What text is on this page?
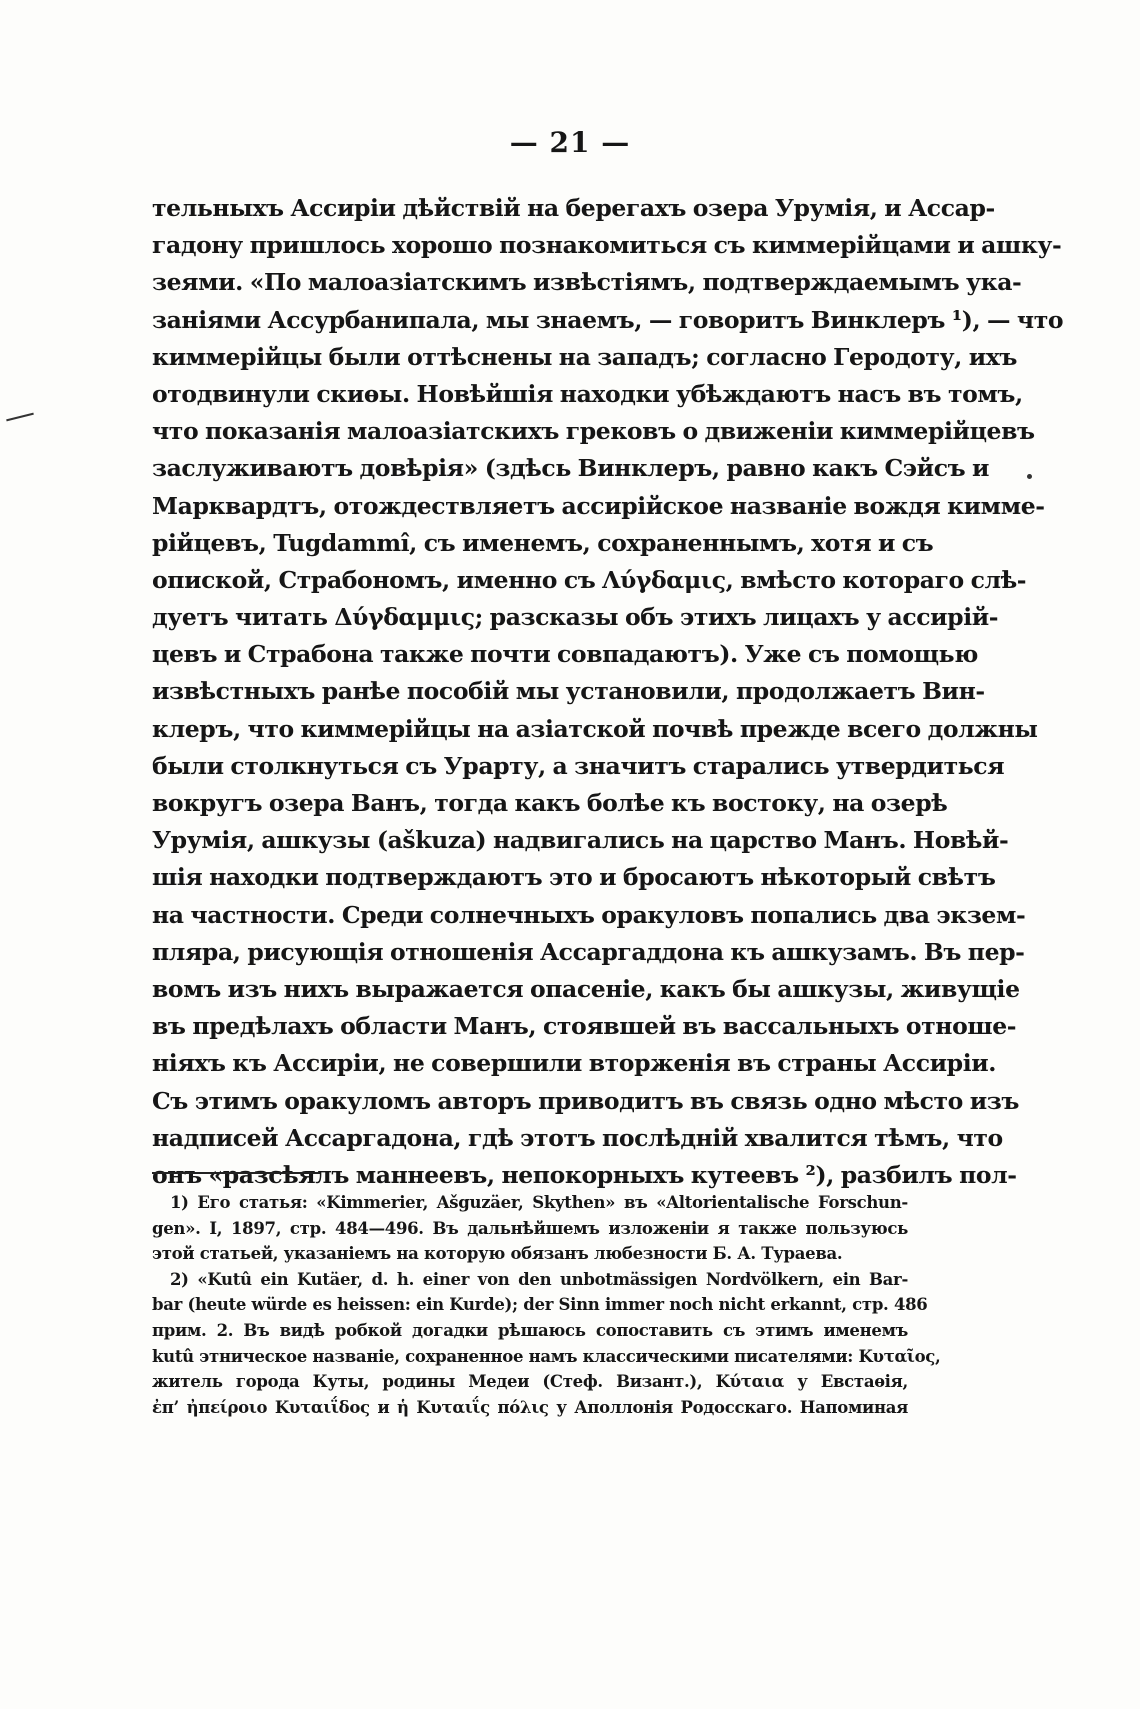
— 21 —
тельныхъ Ассиріи дѣйствій на берегахъ озера Урумія, и Ассар-
гадону пришлось хорошо познакомиться съ киммерійцами и ашку-
зеями. «По малоазіатскимъ извѣстіямъ, подтверждаемымъ ука-
заніями Ассурбанипала, мы знаемъ, — говоритъ Винклеръ ¹), — что
киммерійцы были оттѣснены на западъ; согласно Геродоту, ихъ
отодвинули скиѳы. Новѣйшія находки убѣждаютъ насъ въ томъ,
что показанія малоазіатскихъ грековъ о движеніи киммерійцевъ
заслуживаютъ довѣрія» (здѣсь Винклеръ, равно какъ Сэйсъ и
Марквардтъ, отождествляетъ ассирійское названіе вождя кимме-
рійцевъ, Tugdammî, съ именемъ, сохраненнымъ, хотя и съ
опиской, Страбономъ, именно съ Λύγδαμις, вмѣсто котораго слѣ-
дуетъ читать Δύγδαμμις; разсказы объ этихъ лицахъ у ассирій-
цевъ и Страбона также почти совпадаютъ). Уже съ помощью
извѣстныхъ ранѣе пособій мы установили, продолжаетъ Вин-
клеръ, что киммерійцы на азіатской почвѣ прежде всего должны
были столкнуться съ Урарту, а значитъ старались утвердиться
вокругъ озера Ванъ, тогда какъ болѣе къ востоку, на озерѣ
Урумія, ашкузы (aškuza) надвигались на царство Манъ. Новѣй-
шія находки подтверждаютъ это и бросаютъ нѣкоторый свѣтъ
на частности. Среди солнечныхъ оракуловъ попались два экзем-
пляра, рисующія отношенія Ассаргаддона къ ашкузамъ. Въ пер-
вомъ изъ нихъ выражается опасеніе, какъ бы ашкузы, живущіе
въ предѣлахъ области Манъ, стоявшей въ вассальныхъ отноше-
ніяхъ къ Ассиріи, не совершили вторженія въ страны Ассиріи.
Съ этимъ оракуломъ авторъ приводитъ въ связь одно мѣсто изъ
надписей Ассаргадона, гдѣ этотъ послѣдній хвалится тѣмъ, что
онъ «разсѣялъ маннеевъ, непокорныхъ кутеевъ ²), разбилъ пол-
1) Его статья: «Kimmerier, Ašguzäer, Skythen» въ «Altorientalische Forschun-
gen». I, 1897, стр. 484—496. Въ дальнѣйшемъ изложеніи я также пользуюсь
этой статьей, указаніемъ на которую обязанъ любезности Б. А. Тураева.
2) «Kutû ein Kutäer, d. h. einer von den unbotmässigen Nordvölkern, ein Bar-
bar (heute würde es heissen: ein Kurde); der Sinn immer noch nicht erkannt, стр. 486
прим. 2. Въ видѣ робкой догадки рѣшаюсь сопоставить съ этимъ именемъ
kutû этническое названіе, сохраненное намъ классическими писателями: Κυταῖος,
житель города Куты, родины Медеи (Стеф. Визант.), Κύταια у Евстаѳія,
ἐπ’ ἠπείροιο Κυταιΐδος и ἡ Κυταιΐς πόλις у Аполлонія Родосскаго. Напоминая
